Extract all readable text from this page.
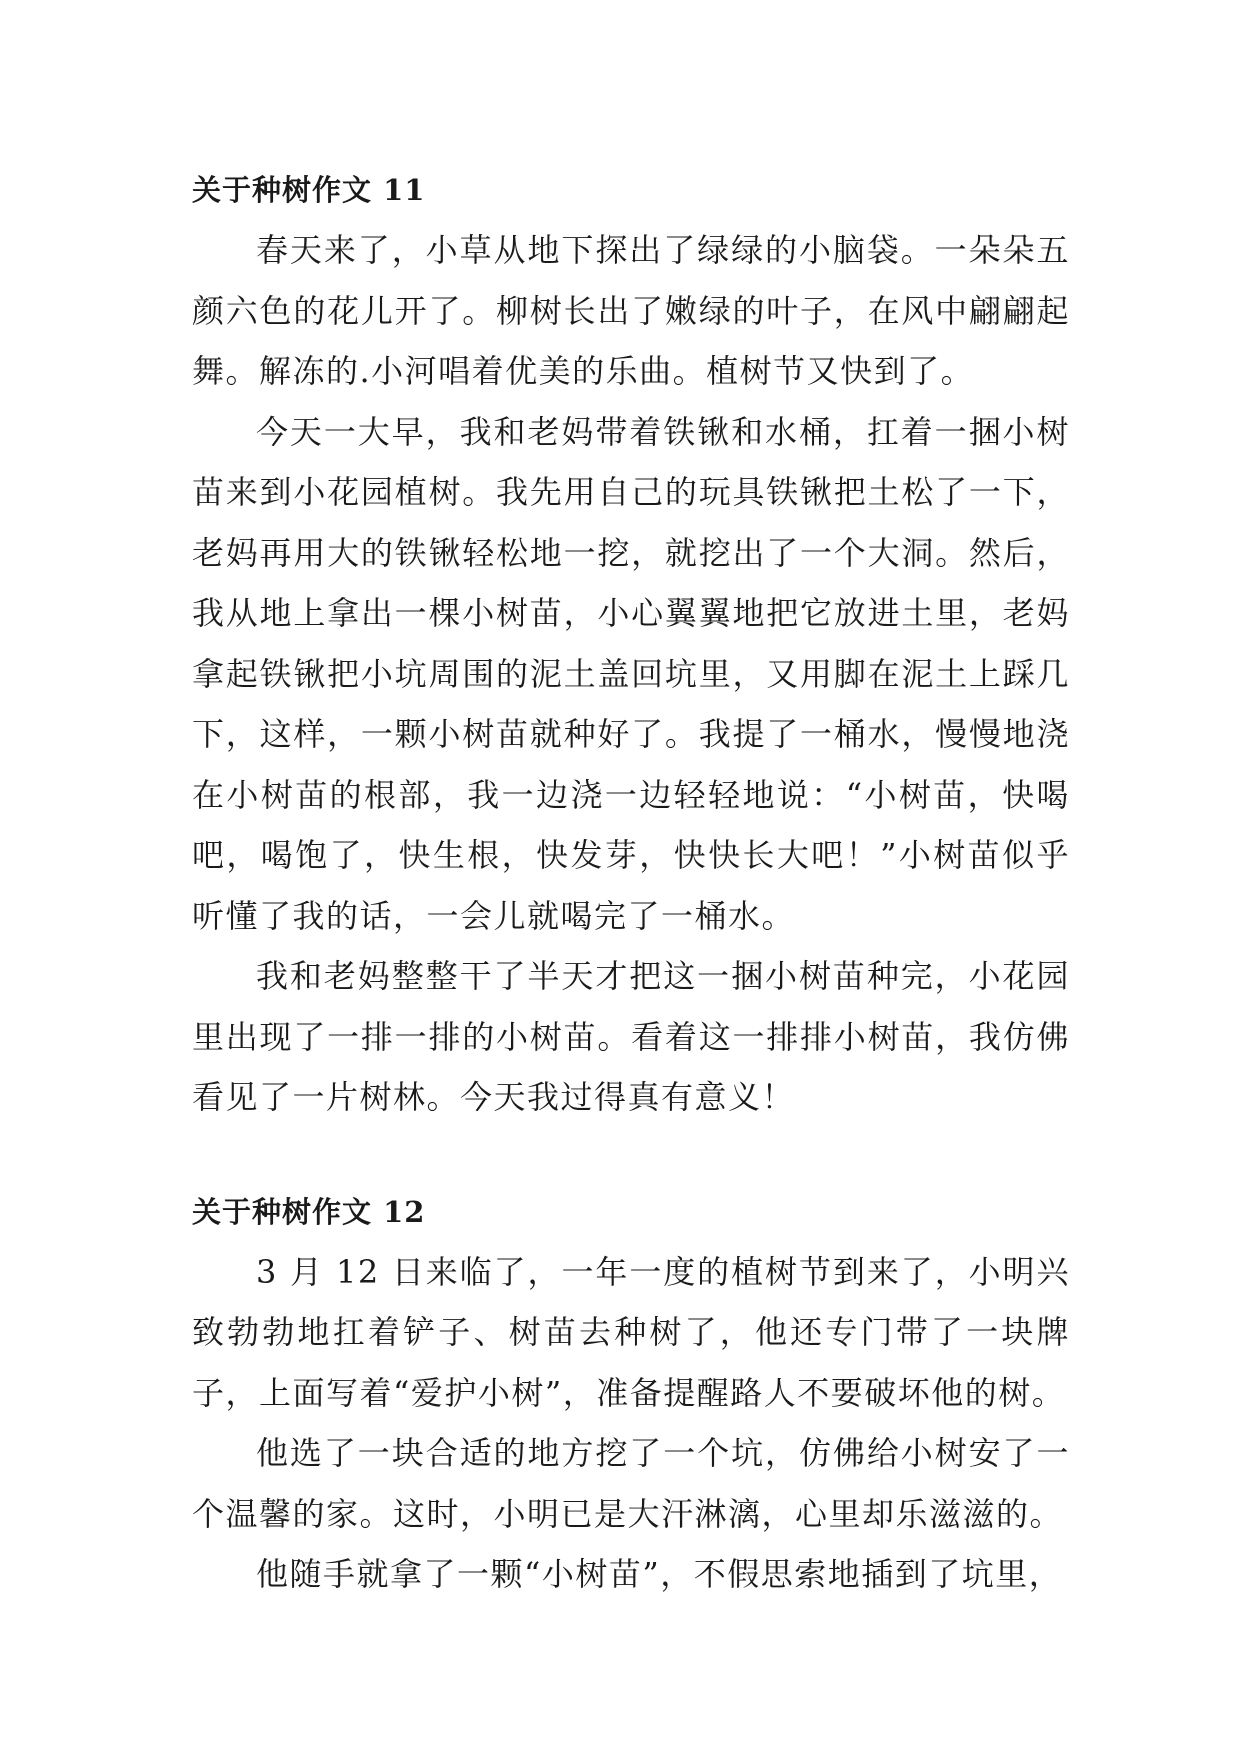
关于种树作文 11

春天来了，小草从地下探出了绿绿的小脑袋。一朵朵五颜六色的花儿开了。柳树长出了嫩绿的叶子，在风中翩翩起舞。解冻的.小河唱着优美的乐曲。植树节又快到了。

今天一大早，我和老妈带着铁锹和水桶，扛着一捆小树苗来到小花园植树。我先用自己的玩具铁锹把土松了一下，老妈再用大的铁锹轻松地一挖，就挖出了一个大洞。然后，我从地上拿出一棵小树苗，小心翼翼地把它放进土里，老妈拿起铁锹把小坑周围的泥土盖回坑里，又用脚在泥土上踩几下，这样，一颗小树苗就种好了。我提了一桶水，慢慢地浇在小树苗的根部，我一边浇一边轻轻地说：“小树苗，快喝吧，喝饱了，快生根，快发芽，快快长大吧！”小树苗似乎听懂了我的话，一会儿就喝完了一桶水。

我和老妈整整干了半天才把这一捆小树苗种完，小花园里出现了一排一排的小树苗。看着这一排排小树苗，我仿佛看见了一片树林。今天我过得真有意义！

关于种树作文 12

3 月 12 日来临了，一年一度的植树节到来了，小明兴致勃勃地扛着铲子、树苗去种树了，他还专门带了一块牌子，上面写着“爱护小树”，准备提醒路人不要破坏他的树。

他选了一块合适的地方挖了一个坑，仿佛给小树安了一个温馨的家。这时，小明已是大汗淋漓，心里却乐滋滋的。

他随手就拿了一颗“小树苗”，不假思索地插到了坑里，
